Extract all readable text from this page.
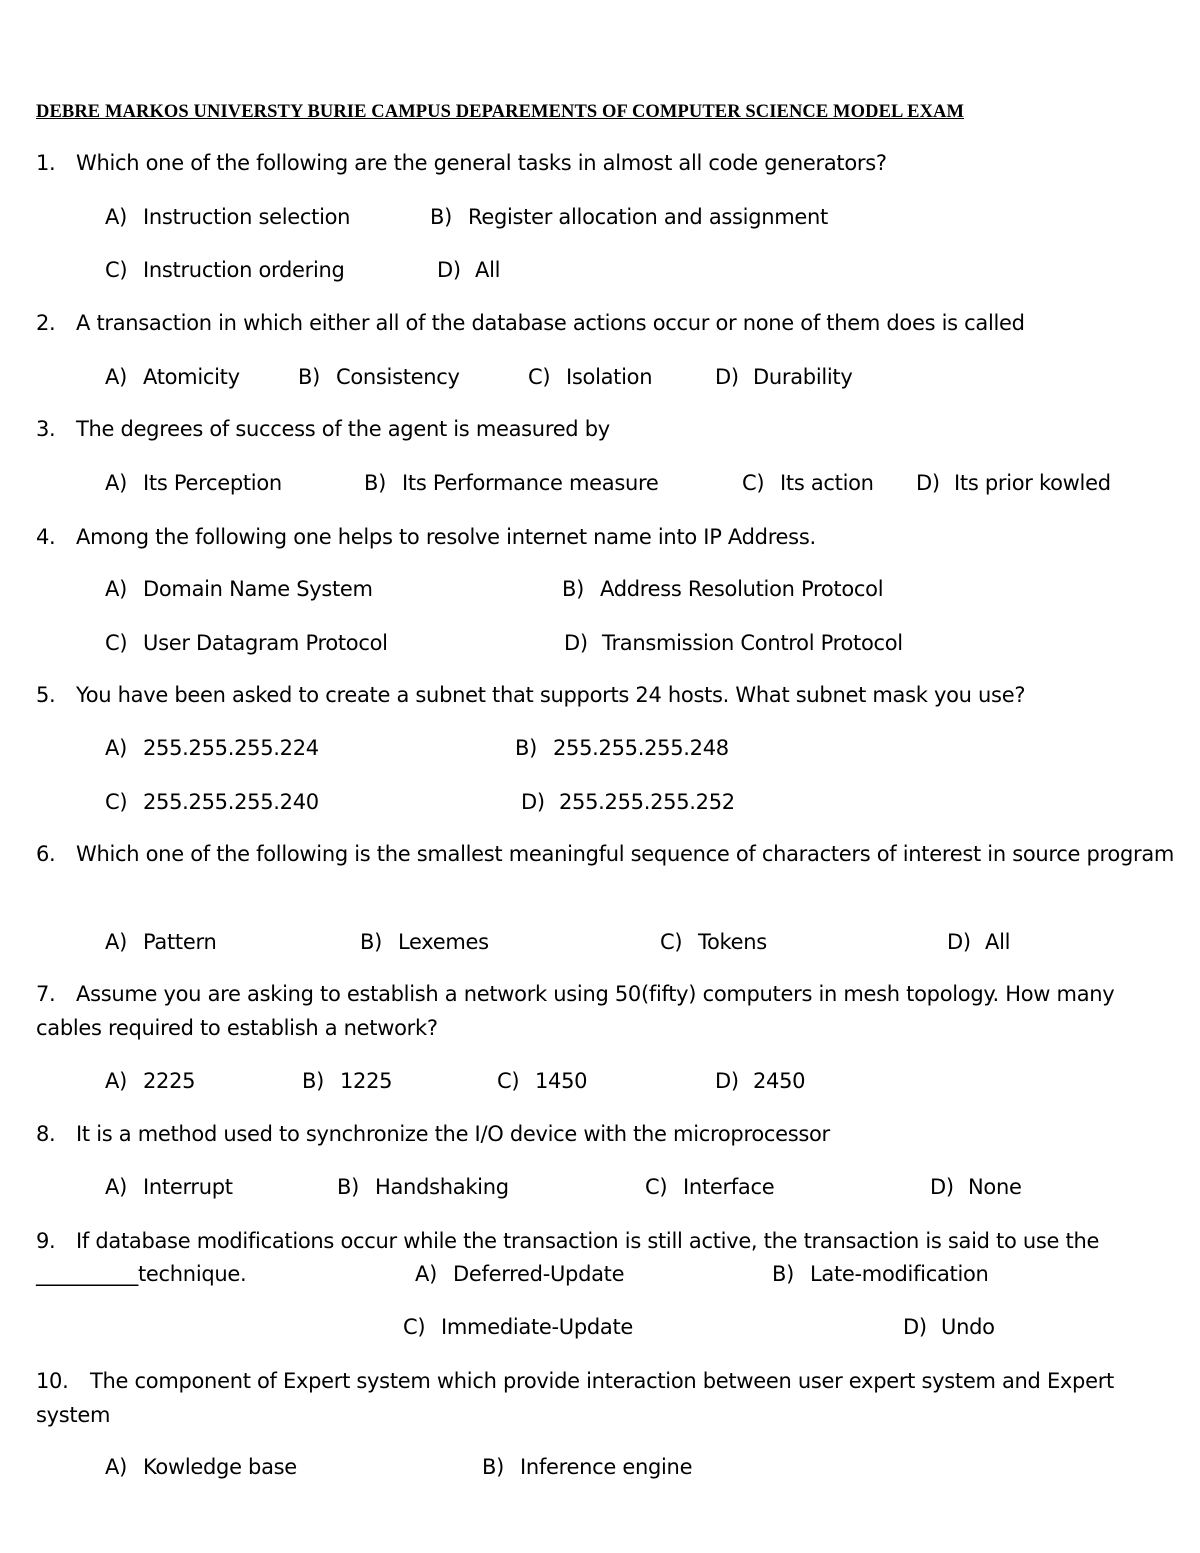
DEBRE MARKOS UNIVERSTY BURIE CAMPUS DEPAREMENTS OF COMPUTER SCIENCE MODEL EXAM
1. Which one of the following are the general tasks in almost all code generators?
A) Instruction selection	B) Register allocation and assignment
C) Instruction ordering	D) All
2. A transaction in which either all of the database actions occur or none of them does is called
A) Atomicity	B) Consistency	C) Isolation	D) Durability
3. The degrees of success of the agent is measured by
A) Its Perception	B) Its Performance measure	C) Its action D) Its prior kowled
4. Among the following one helps to resolve internet name into IP Address.
A) Domain Name System	B) Address Resolution Protocol
C) User Datagram Protocol	D) Transmission Control Protocol
5. You have been asked to create a subnet that supports 24 hosts. What subnet mask you use?
A) 255.255.255.224	B) 255.255.255.248
C) 255.255.255.240	D) 255.255.255.252
6. Which one of the following is the smallest meaningful sequence of characters of interest in source program
A) Pattern	B) Lexemes	C) Tokens	D) All
7. Assume you are asking to establish a network using 50(fifty) computers in mesh topology. How many cables required to establish a network?
A) 2225	B) 1225	C) 1450	D) 2450
8. It is a method used to synchronize the I/O device with the microprocessor
A) Interrupt	B) Handshaking	C) Interface	D) None
9. If database modifications occur while the transaction is still active, the transaction is said to use the
__________technique.	A) Deferred-Update	B) Late-modification
C) Immediate-Update	D) Undo
10. The component of Expert system which provide interaction between user expert system and Expert system
A) Kowledge base	B) Inference engine
